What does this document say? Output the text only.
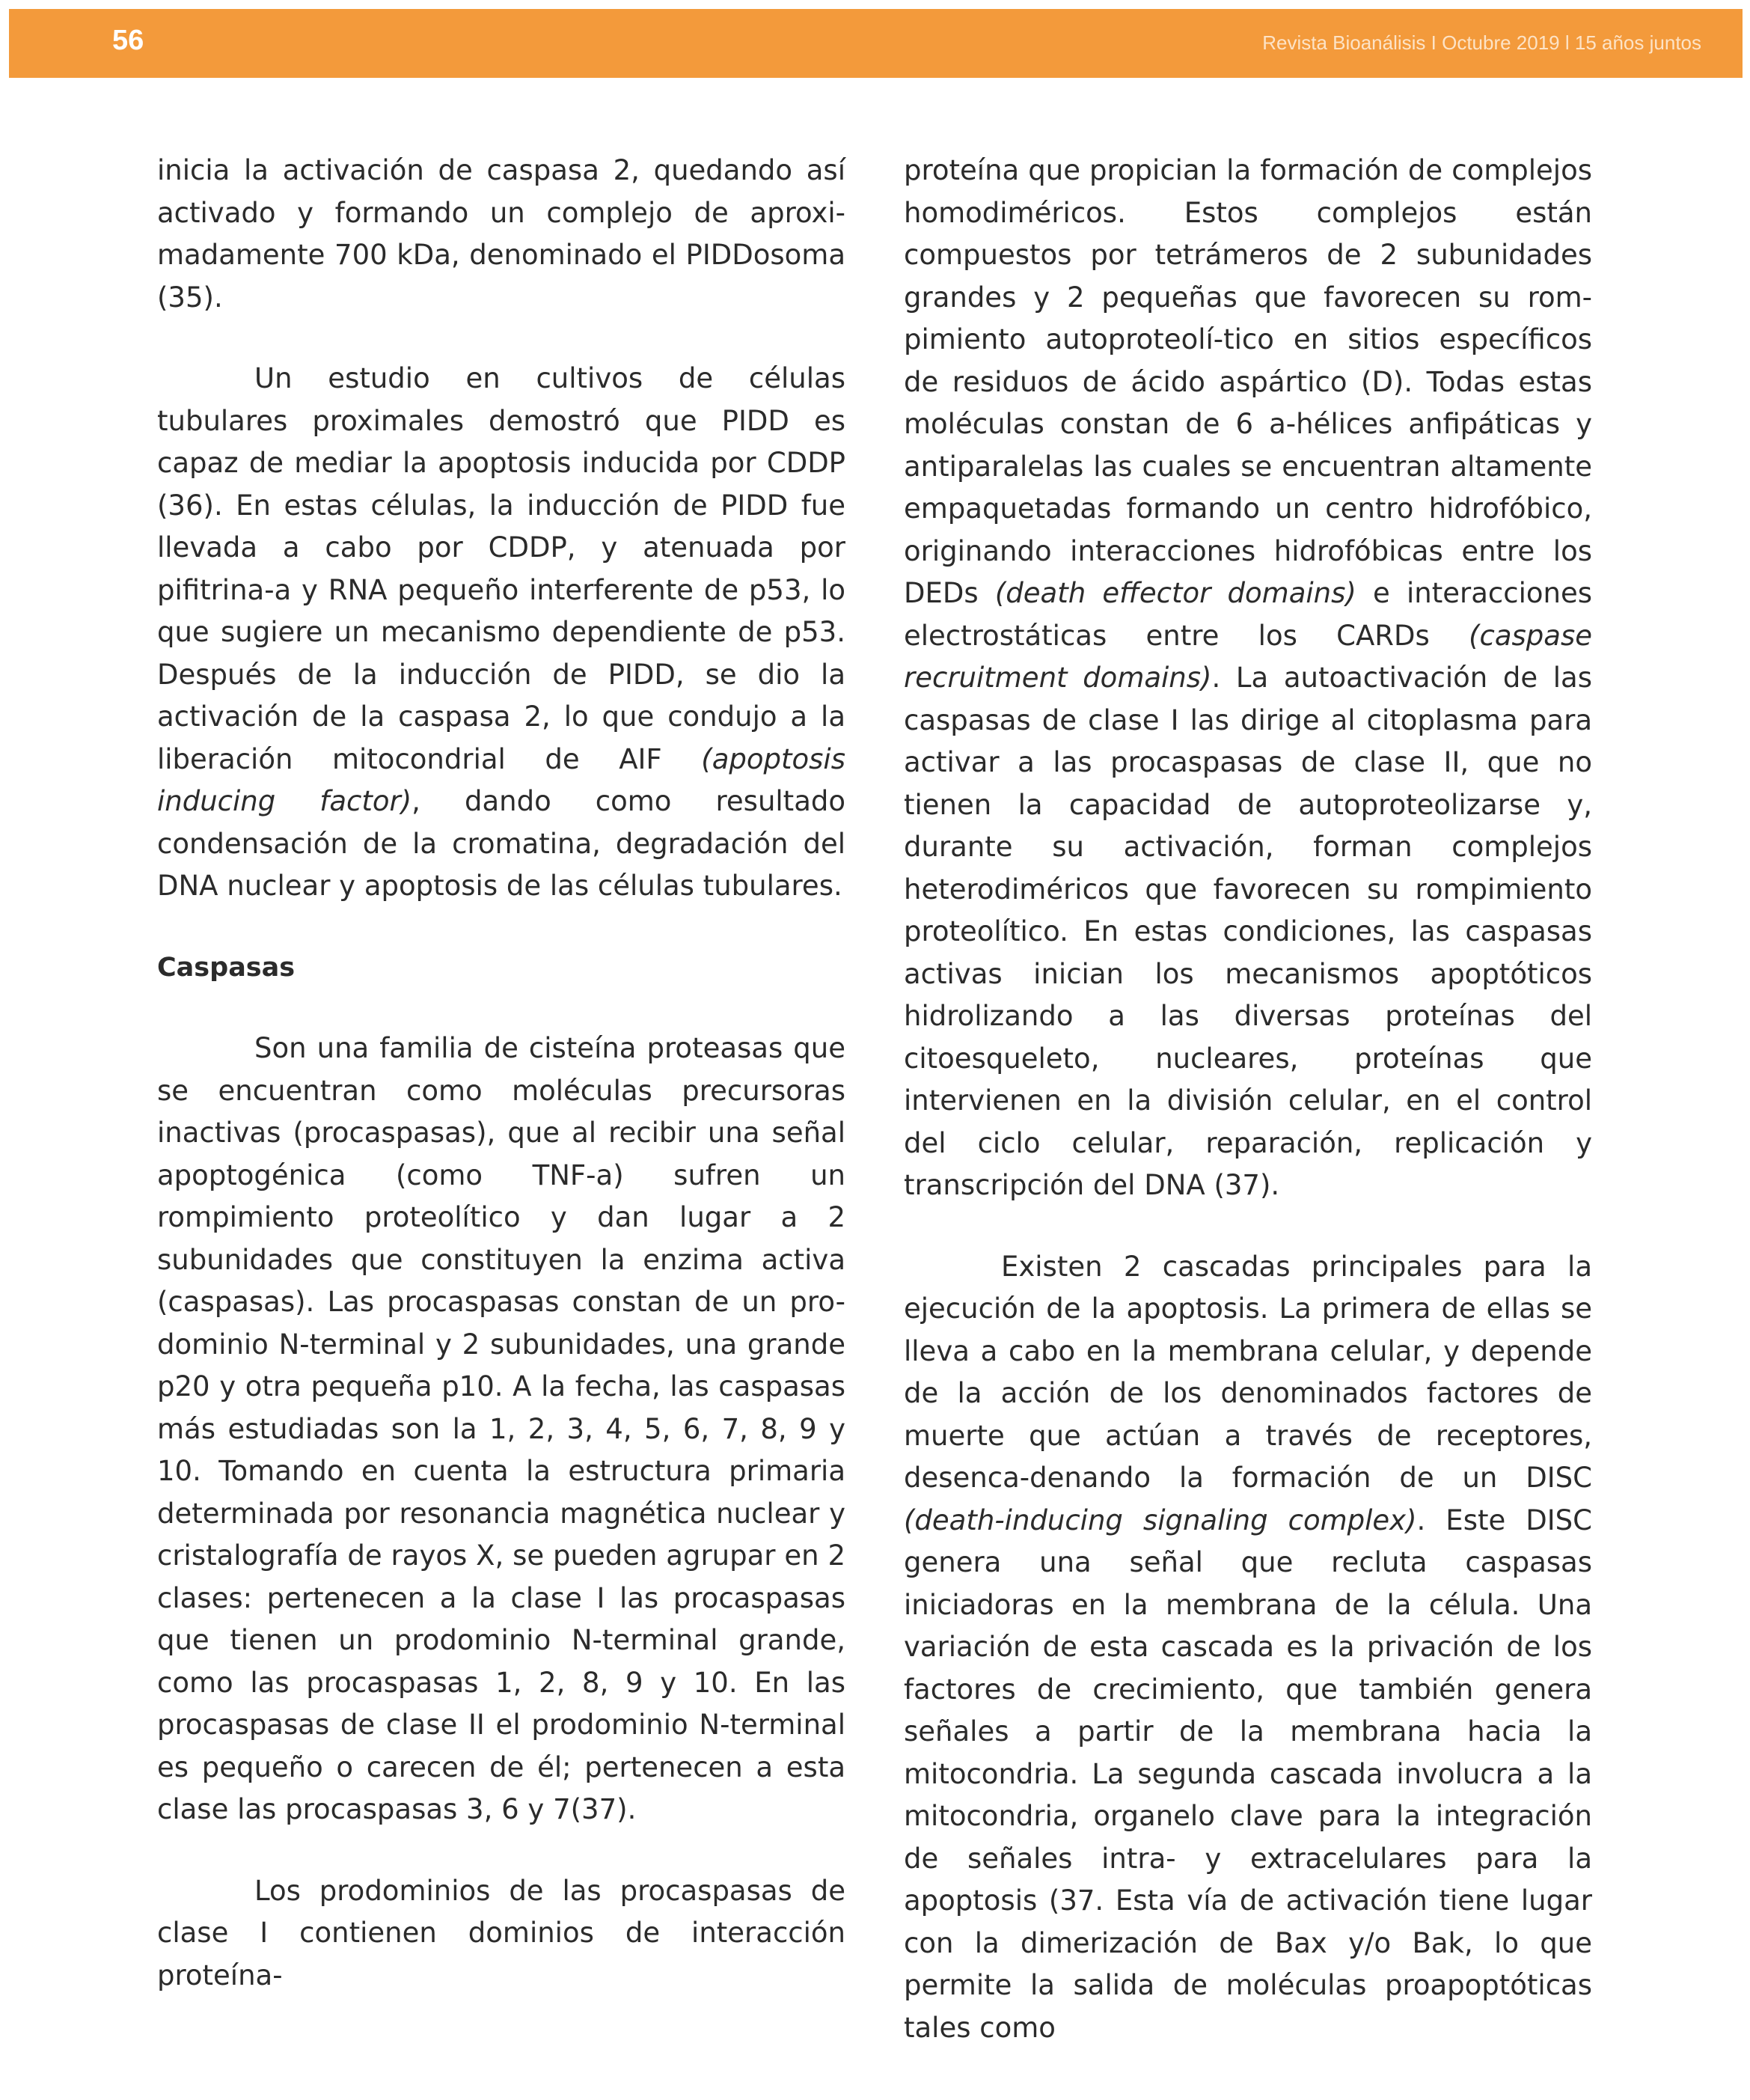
56	Revista Bioanálisis I Octubre 2019 l 15 años juntos

inicia la activación de caspasa 2, quedando así activado y formando un complejo de aproxi-madamente 700 kDa, denominado el PIDDosoma (35).

Un estudio en cultivos de células tubulares proximales demostró que PIDD es capaz de mediar la apoptosis inducida por CDDP (36). En estas células, la inducción de PIDD fue llevada a cabo por CDDP, y atenuada por pifitrina-a y RNA pequeño interferente de p53, lo que sugiere un mecanismo dependiente de p53. Después de la inducción de PIDD, se dio la activación de la caspasa 2, lo que condujo a la liberación mitocondrial de AIF (apoptosis inducing factor), dando como resultado condensación de la cromatina, degradación del DNA nuclear y apoptosis de las células tubulares.

Caspasas

Son una familia de cisteína proteasas que se encuentran como moléculas precursoras inactivas (procaspasas), que al recibir una señal apoptogénica (como TNF-a) sufren un rompimiento proteolítico y dan lugar a 2 subunidades que constituyen la enzima activa (caspasas). Las procaspasas constan de un pro-dominio N-terminal y 2 subunidades, una grande p20 y otra pequeña p10. A la fecha, las caspasas más estudiadas son la 1, 2, 3, 4, 5, 6, 7, 8, 9 y 10. Tomando en cuenta la estructura primaria determinada por resonancia magnética nuclear y cristalografía de rayos X, se pueden agrupar en 2 clases: pertenecen a la clase I las procaspasas que tienen un prodominio N-terminal grande, como las procaspasas 1, 2, 8, 9 y 10. En las procaspasas de clase II el prodominio N-terminal es pequeño o carecen de él; pertenecen a esta clase las procaspasas 3, 6 y 7(37).

Los prodominios de las procaspasas de clase I contienen dominios de interacción proteína-

proteína que propician la formación de complejos homodiméricos. Estos complejos están compuestos por tetrámeros de 2 subunidades grandes y 2 pequeñas que favorecen su rom-pimiento autoproteolí-tico en sitios específicos de residuos de ácido aspártico (D). Todas estas moléculas constan de 6 a-hélices anfipáticas y antiparalelas las cuales se encuentran altamente empaquetadas formando un centro hidrofóbico, originando interacciones hidrofóbicas entre los DEDs (death effector domains) e interacciones electrostáticas entre los CARDs (caspase recruitment domains). La autoactivación de las caspasas de clase I las dirige al citoplasma para activar a las procaspasas de clase II, que no tienen la capacidad de autoproteolizarse y, durante su activación, forman complejos heterodiméricos que favorecen su rompimiento proteolítico. En estas condiciones, las caspasas activas inician los mecanismos apoptóticos hidrolizando a las diversas proteínas del citoesqueleto, nucleares, proteínas que intervienen en la división celular, en el control del ciclo celular, reparación, replicación y transcripción del DNA (37).

Existen 2 cascadas principales para la ejecución de la apoptosis. La primera de ellas se lleva a cabo en la membrana celular, y depende de la acción de los denominados factores de muerte que actúan a través de receptores, desenca-denando la formación de un DISC (death-inducing signaling complex). Este DISC genera una señal que recluta caspasas iniciadoras en la membrana de la célula. Una variación de esta cascada es la privación de los factores de crecimiento, que también genera señales a partir de la membrana hacia la mitocondria. La segunda cascada involucra a la mitocondria, organelo clave para la integración de señales intra- y extracelulares para la apoptosis (37. Esta vía de activación tiene lugar con la dimerización de Bax y/o Bak, lo que permite la salida de moléculas proapoptóticas tales como
